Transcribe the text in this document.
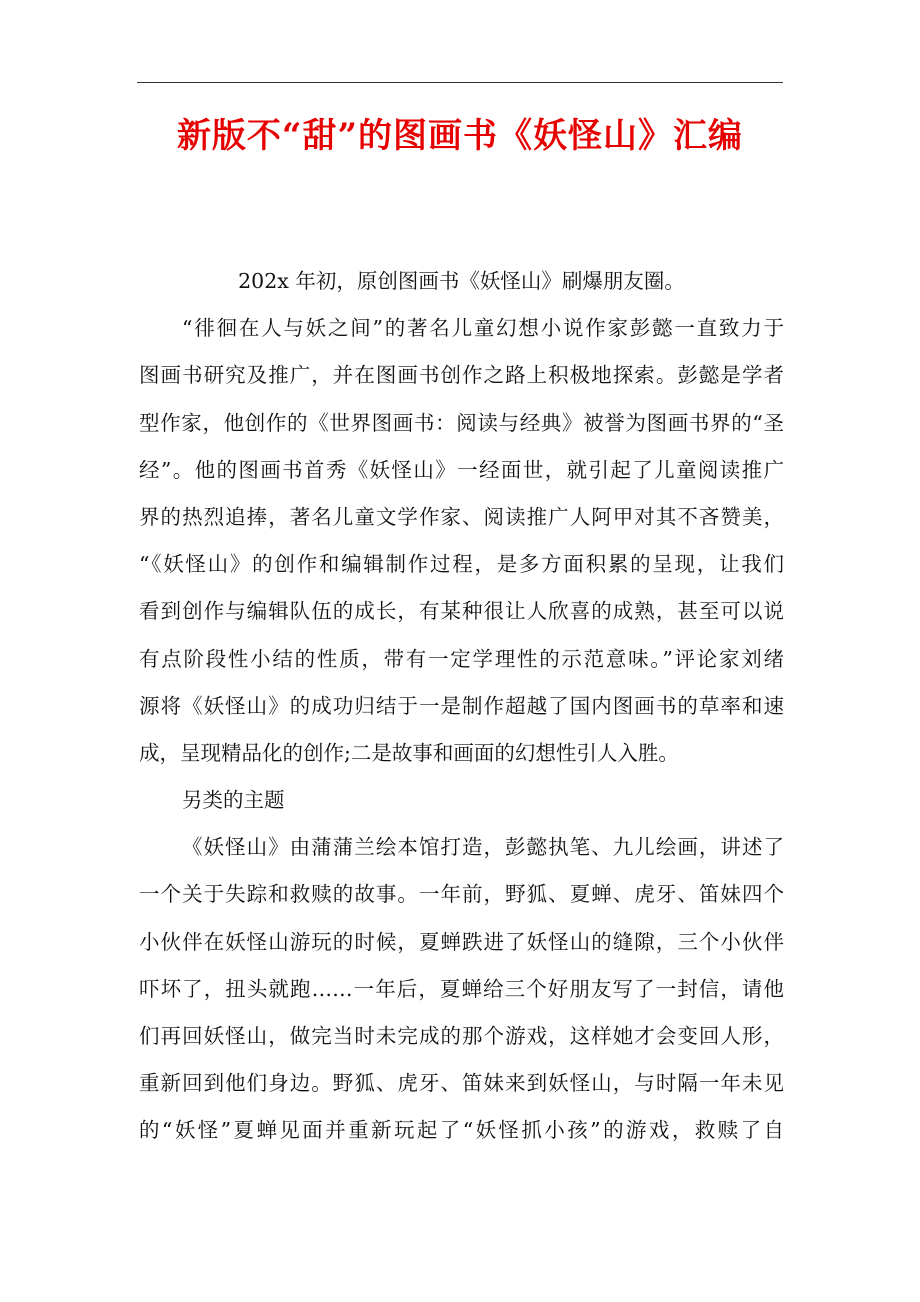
新版不“甜”的图画书《妖怪山》汇编
202x 年初，原创图画书《妖怪山》刷爆朋友圈。
“徘徊在人与妖之间”的著名儿童幻想小说作家彭懿一直致力于
图画书研究及推广，并在图画书创作之路上积极地探索。彭懿是学者
型作家，他创作的《世界图画书：阅读与经典》被誉为图画书界的“圣
经”。他的图画书首秀《妖怪山》一经面世，就引起了儿童阅读推广
界的热烈追捧，著名儿童文学作家、阅读推广人阿甲对其不吝赞美，
“《妖怪山》的创作和编辑制作过程，是多方面积累的呈现，让我们
看到创作与编辑队伍的成长，有某种很让人欣喜的成熟，甚至可以说
有点阶段性小结的性质，带有一定学理性的示范意味。”评论家刘绪
源将《妖怪山》的成功归结于一是制作超越了国内图画书的草率和速
成，呈现精品化的创作;二是故事和画面的幻想性引人入胜。
另类的主题
《妖怪山》由蒲蒲兰绘本馆打造，彭懿执笔、九儿绘画，讲述了
一个关于失踪和救赎的故事。一年前，野狐、夏蝉、虎牙、笛妹四个
小伙伴在妖怪山游玩的时候，夏蝉跌进了妖怪山的缝隙，三个小伙伴
吓坏了，扭头就跑……一年后，夏蝉给三个好朋友写了一封信，请他
们再回妖怪山，做完当时未完成的那个游戏，这样她才会变回人形，
重新回到他们身边。野狐、虎牙、笛妹来到妖怪山，与时隔一年未见
的“妖怪”夏蝉见面并重新玩起了“妖怪抓小孩”的游戏，救赎了自
